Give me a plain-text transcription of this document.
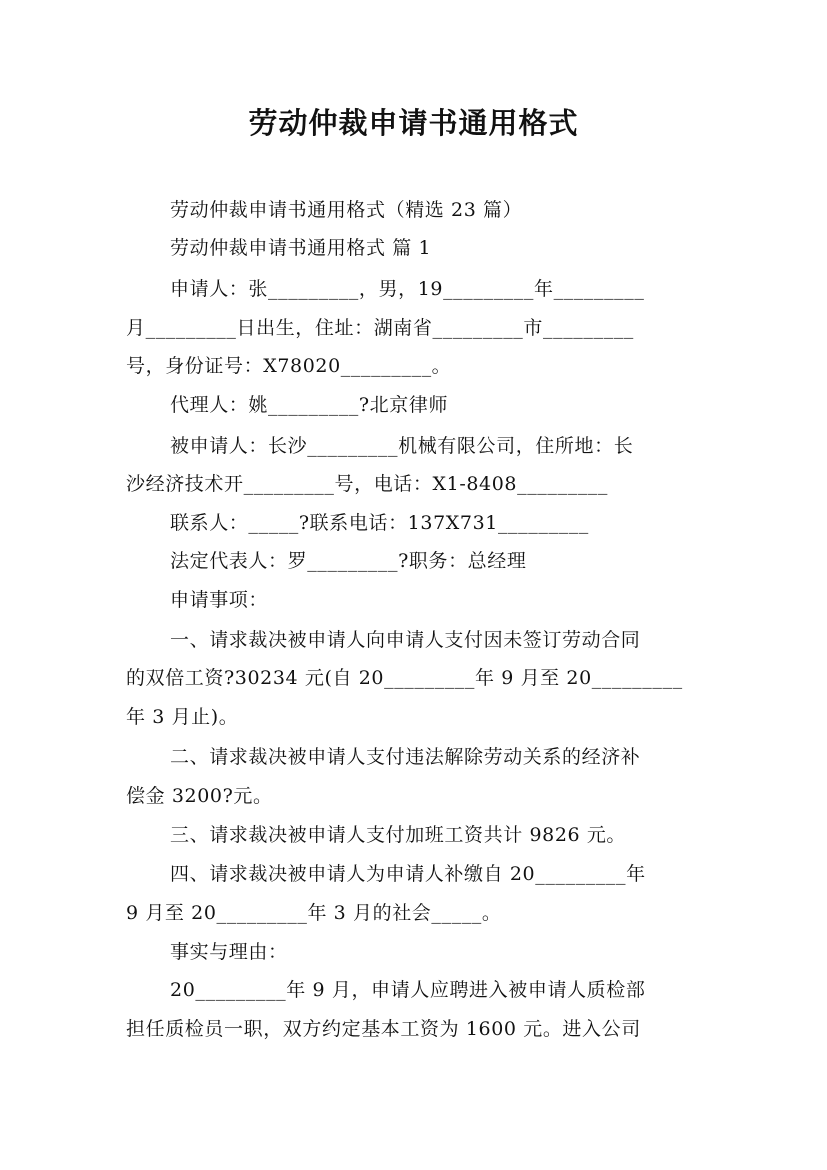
劳动仲裁申请书通用格式
劳动仲裁申请书通用格式（精选 23 篇）
劳动仲裁申请书通用格式 篇 1
申请人：张_________，男，19_________年_________
月_________日出生，住址：湖南省_________市_________
号，身份证号：X78020_________。
代理人：姚_________?北京律师
被申请人：长沙_________机械有限公司，住所地：长
沙经济技术开_________号，电话：X1-8408_________
联系人：_____?联系电话：137X731_________
法定代表人：罗_________?职务：总经理
申请事项：
一、请求裁决被申请人向申请人支付因未签订劳动合同
的双倍工资?30234 元(自 20_________年 9 月至 20_________
年 3 月止)。
二、请求裁决被申请人支付违法解除劳动关系的经济补
偿金 3200?元。
三、请求裁决被申请人支付加班工资共计 9826 元。
四、请求裁决被申请人为申请人补缴自 20_________年
9 月至 20_________年 3 月的社会_____。
事实与理由：
20_________年 9 月，申请人应聘进入被申请人质检部
担任质检员一职，双方约定基本工资为 1600 元。进入公司
